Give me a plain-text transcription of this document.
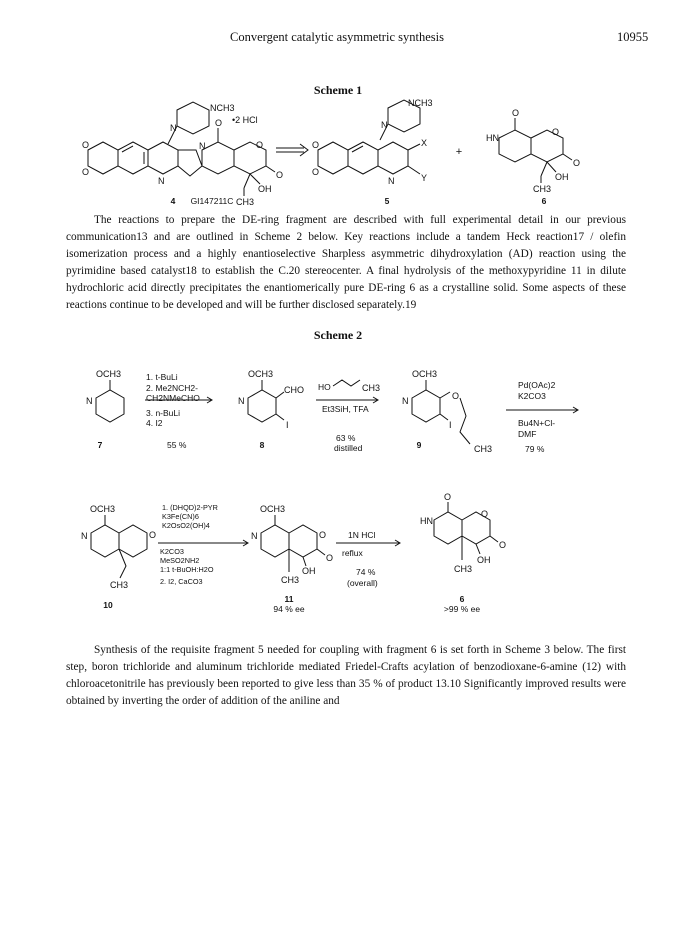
Convergent catalytic asymmetric synthesis	10955
Scheme 1
NCH3
•2 HCl
N
O
O
N
N
O
O
O
OH
CH3
4	GI147211C
NCH3
N
O
O
N
X
Y
5
+
O
HN
O
O
OH
CH3
6
The reactions to prepare the DE-ring fragment are described with full experimental detail in our previous communication13 and are outlined in Scheme 2 below. Key reactions include a tandem Heck reaction17 / olefin isomerization process and a highly enantioselective Sharpless asymmetric dihydroxylation (AD) reaction using the pyrimidine based catalyst18 to establish the C.20 stereocenter. A final hydrolysis of the methoxypyridine 11 in dilute hydrochloric acid directly precipitates the enantiomerically pure DE-ring 6 as a crystalline solid. Some aspects of these reactions continue to be developed and will be further disclosed separately.19
Scheme 2
OCH3
N
OCH3
N
CHO
I
CH3
OCH3
N	O
I
CH3
1. t-BuLi
2. Me2NCH2-
CH2NMeCHO
3. n-BuLi
4. I2
55 %
HO
Et3SiH, TFA
63 %
distilled
Pd(OAc)2
K2CO3
Bu4N+Cl-
DMF
79 %
7	8	9
OCH3
N	O
CH3
OCH3
N	O
O
OH
CH3
O
HN
O
O
OH
CH3
1. (DHQD)2-PYR
K3Fe(CN)6
K2OsO2(OH)4
K2CO3
MeSO2NH2
1:1 t-BuOH:H2O
2. I2, CaCO3
1N HCl
reflux
74 %
(overall)
10
11
94 % ee
6
>99 % ee
Synthesis of the requisite fragment 5 needed for coupling with fragment 6 is set forth in Scheme 3 below. The first step, boron trichloride and aluminum trichloride mediated Friedel-Crafts acylation of benzodioxane-6-amine (12) with chloroacetonitrile has previously been reported to give less than 35 % of product 13.10 Significantly improved results were obtained by inverting the order of addition of the aniline and
